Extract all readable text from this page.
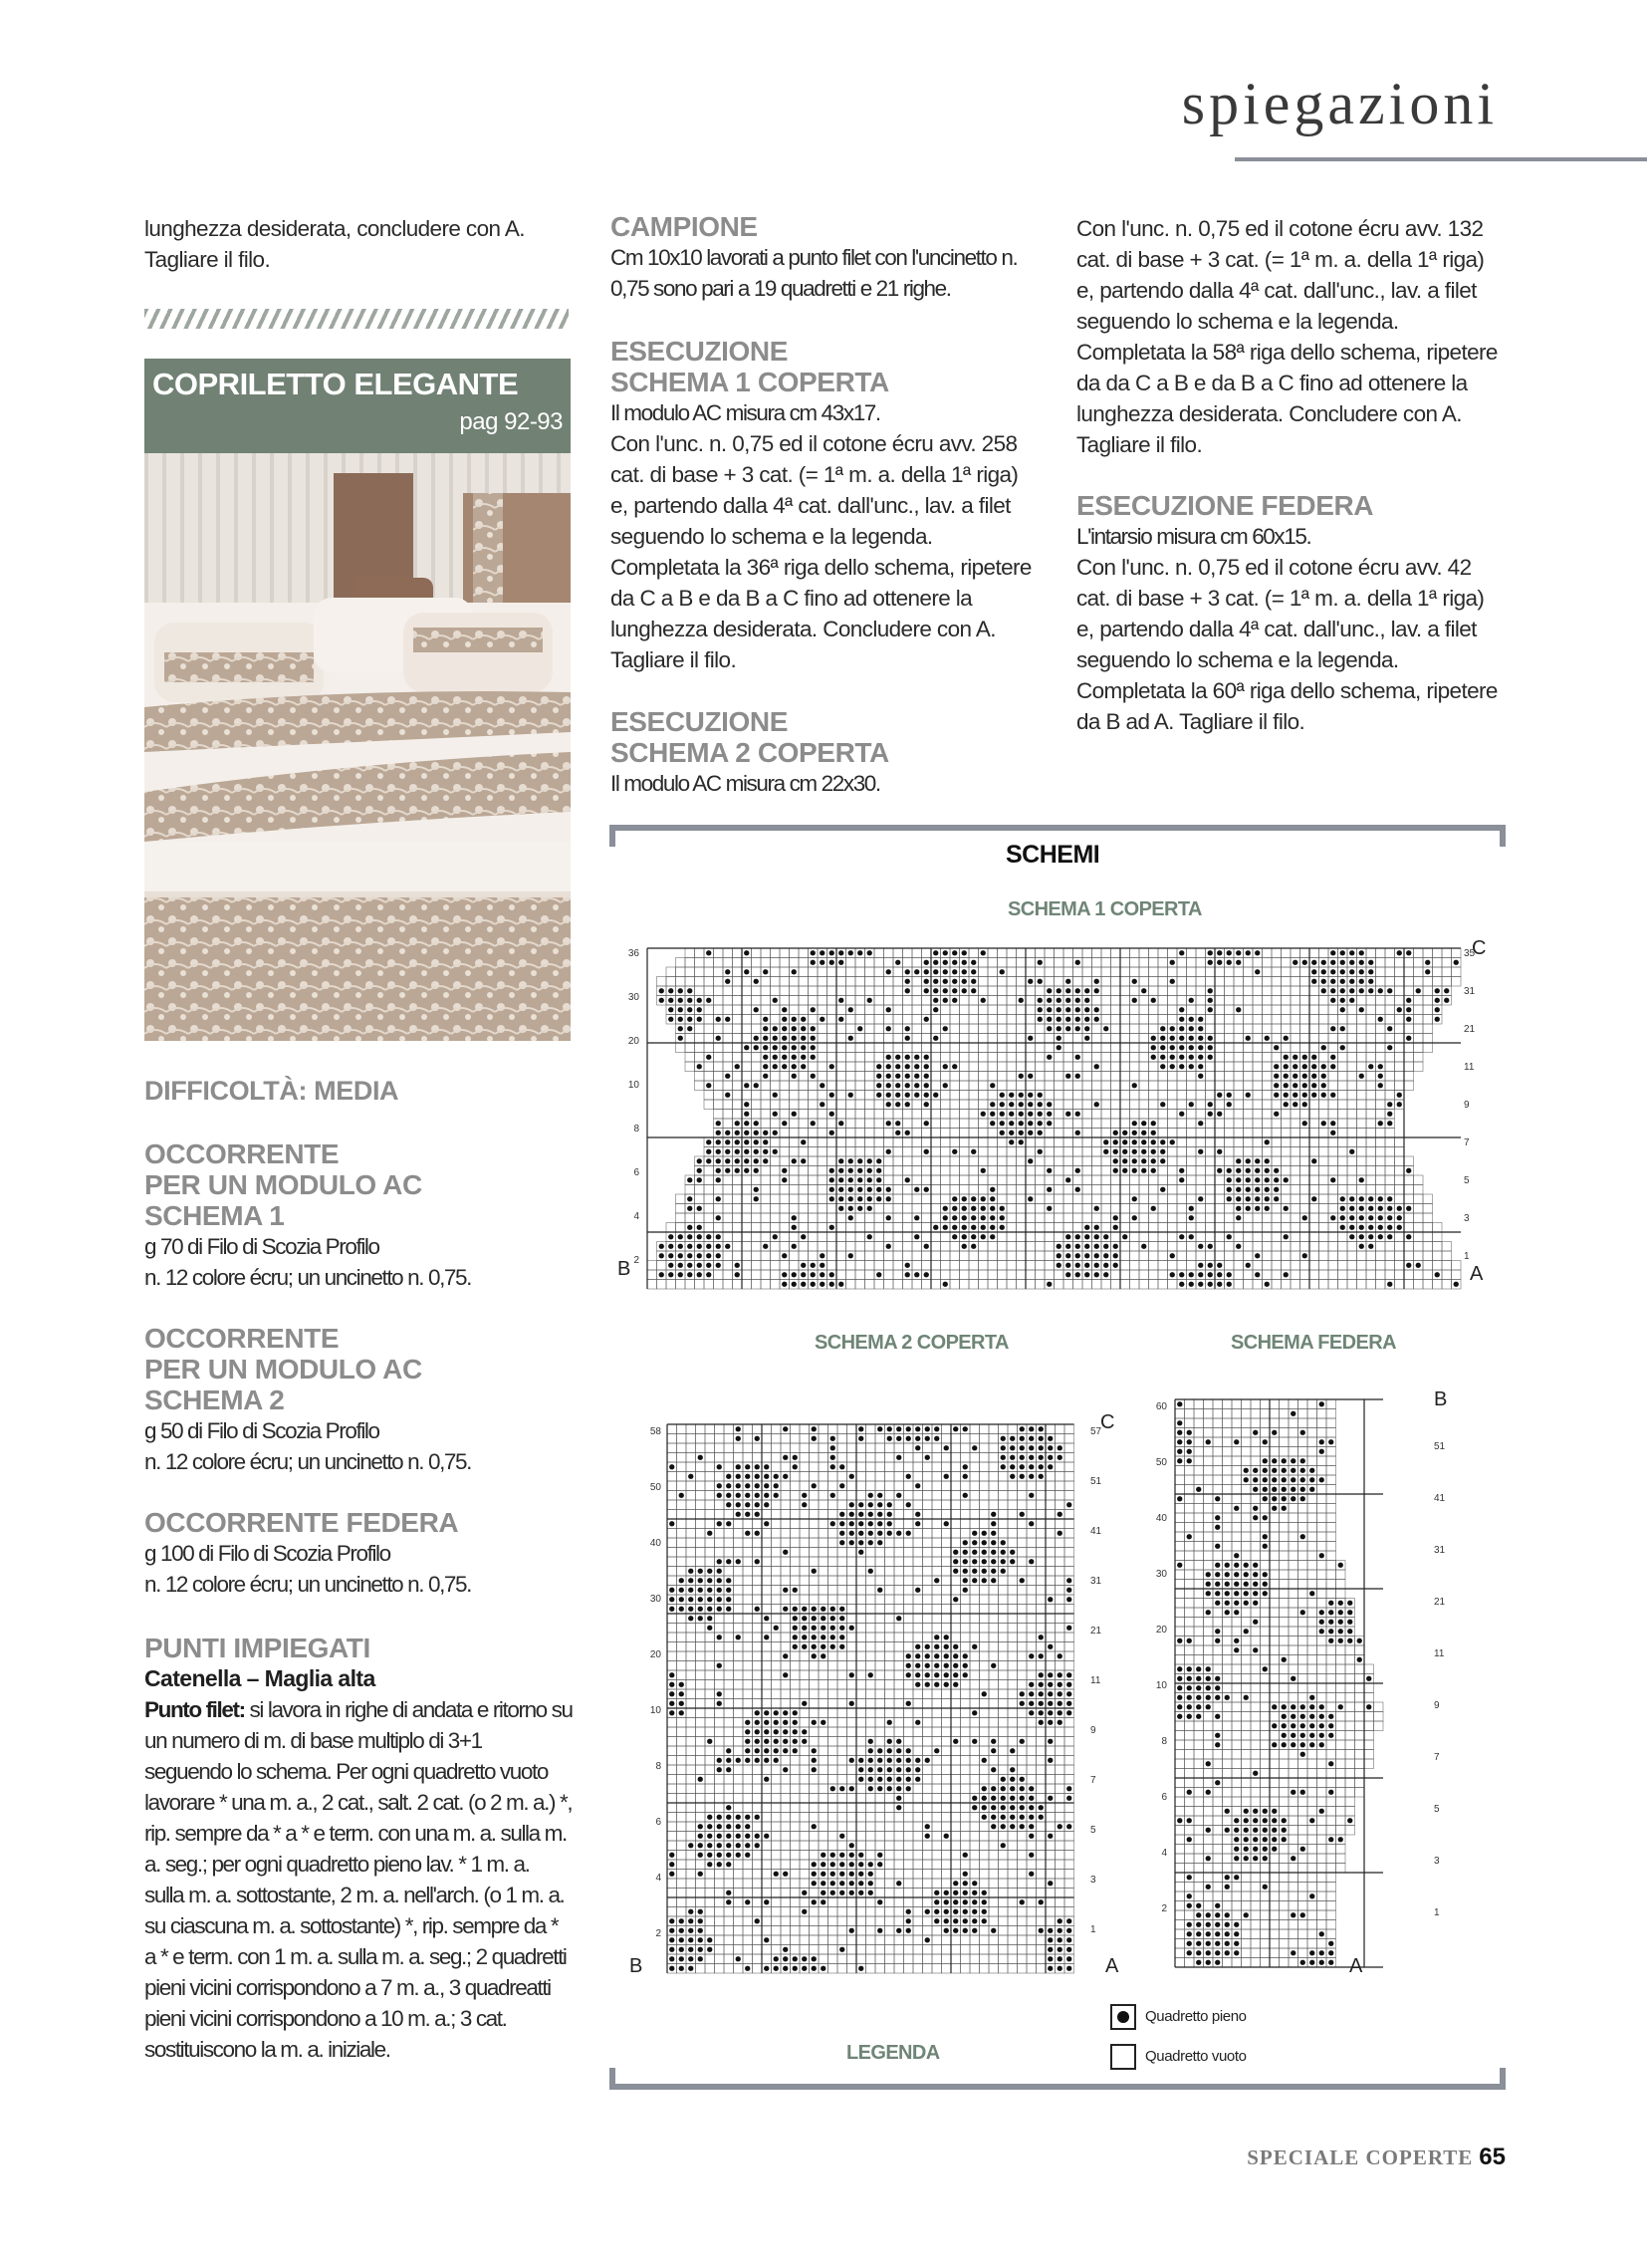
spiegazioni
lunghezza desiderata, concludere con A. Tagliare il filo.
COPRILETTO ELEGANTE
pag 92-93
DIFFICOLTÀ: MEDIA
OCCORRENTE
PER UN MODULO AC
SCHEMA 1
g 70 di Filo di Scozia Profilo
n. 12 colore écru; un uncinetto n. 0,75.
OCCORRENTE
PER UN MODULO AC
SCHEMA 2
g 50 di Filo di Scozia Profilo
n. 12 colore écru; un uncinetto n. 0,75.
OCCORRENTE FEDERA
g 100 di Filo di Scozia Profilo
n. 12 colore écru; un uncinetto n. 0,75.
PUNTI IMPIEGATI
Catenella – Maglia alta
Punto filet: si lavora in righe di andata e ritorno su un numero di m. di base multiplo di 3+1 seguendo lo schema. Per ogni quadretto vuoto lavorare * una m. a., 2 cat., salt. 2 cat. (o 2 m. a.) *, rip. sempre da * a * e term. con una m. a. sulla m. a. seg.; per ogni quadretto pieno lav. * 1 m. a. sulla m. a. sottostante, 2 m. a. nell'arch. (o 1 m. a. su ciascuna m. a. sottostante) *, rip. sempre da * a * e term. con 1 m. a. sulla m. a. seg.; 2 quadretti pieni vicini corrispondono a 7 m. a., 3 quadreatti pieni vicini corrispondono a 10 m. a.; 3 cat. sostituiscono la m. a. iniziale.
CAMPIONE
Cm 10x10 lavorati a punto filet con l'uncinetto n. 0,75 sono pari a 19 quadretti e 21 righe.
ESECUZIONE
SCHEMA 1 COPERTA
Il modulo AC misura cm 43x17.
Con l'unc. n. 0,75 ed il cotone écru avv. 258 cat. di base + 3 cat. (= 1ª m. a. della 1ª riga) e, partendo dalla 4ª cat. dall'unc., lav. a filet seguendo lo schema e la legenda. Completata la 36ª riga dello schema, ripetere da C a B e da B a C fino ad ottenere la lunghezza desiderata. Concludere con A. Tagliare il filo.
ESECUZIONE
SCHEMA 2 COPERTA
Il modulo AC misura cm 22x30.
Con l'unc. n. 0,75 ed il cotone écru avv. 132 cat. di base + 3 cat. (= 1ª m. a. della 1ª riga) e, partendo dalla 4ª cat. dall'unc., lav. a filet seguendo lo schema e la legenda. Completata la 58ª riga dello schema, ripetere da da C a B e da B a C fino ad ottenere la lunghezza desiderata. Concludere con A. Tagliare il filo.
ESECUZIONE FEDERA
L'intarsio misura cm 60x15.
Con l'unc. n. 0,75 ed il cotone écru avv. 42 cat. di base + 3 cat. (= 1ª m. a. della 1ª riga) e, partendo dalla 4ª cat. dall'unc., lav. a filet seguendo lo schema e la legenda. Completata la 60ª riga dello schema, ripetere da B ad A. Tagliare il filo.
SCHEMI
SCHEMA 1 COPERTA
36
30
20
10
8
6
4
2
35
31
21
11
9
7
5
3
1
C
B	A
SCHEMA 2 COPERTA
58
50
40
30
20
10
8
6
4
2
57
51
41
31
21
11
9
7
5
3
1
C
B	A
SCHEMA FEDERA
60
50
40
30
20
10
8
6
4
2
51
41
31
21
11
9
7
5
3
1
B
A
LEGENDA
Quadretto pieno
Quadretto vuoto
SPECIALE COPERTE 65
